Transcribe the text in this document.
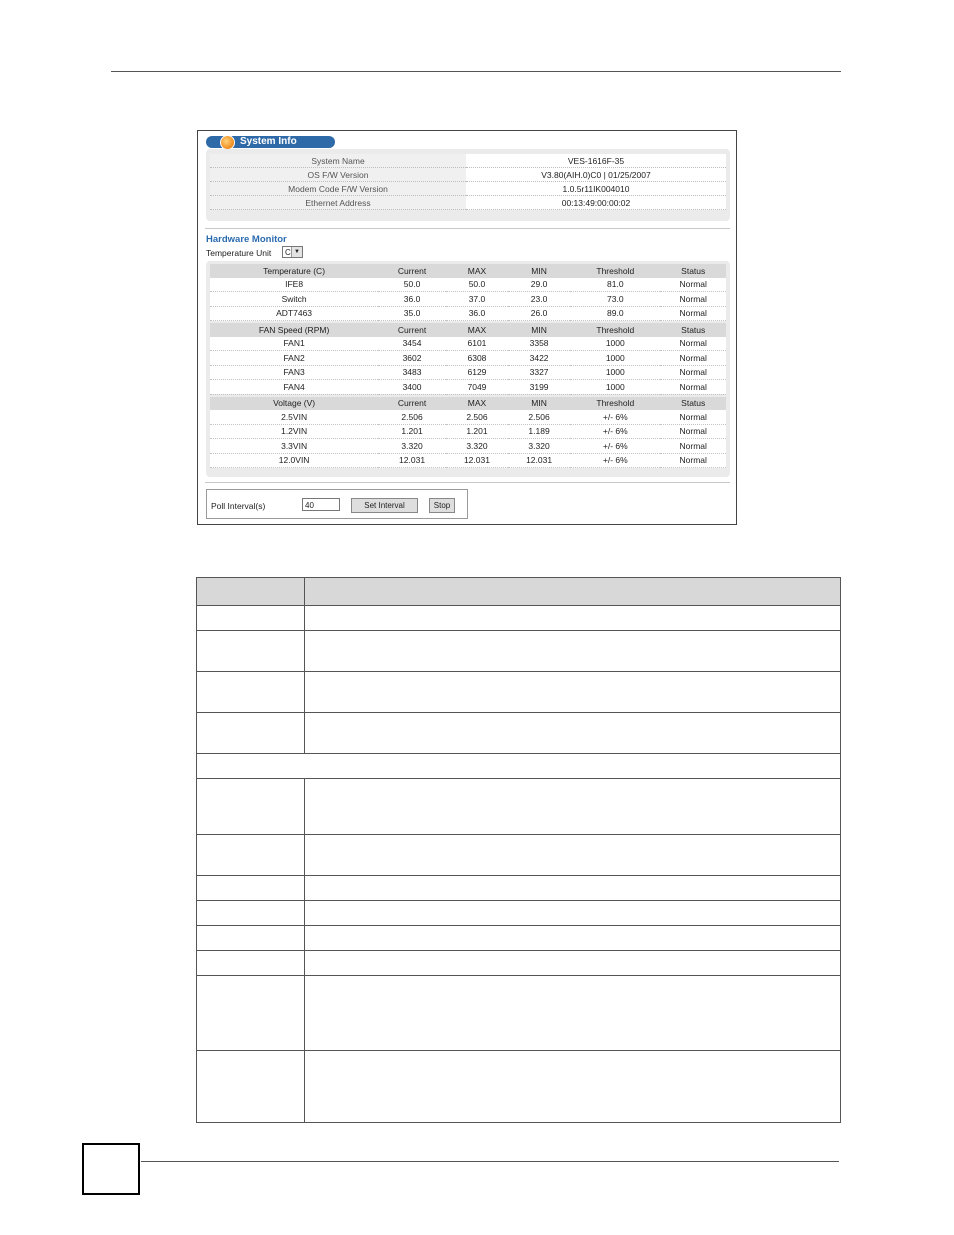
System Info
System Name	VES-1616F-35
OS F/W Version	V3.80(AIH.0)C0 | 01/25/2007
Modem Code F/W Version	1.0.5r11IK004010
Ethernet Address	00:13:49:00:00:02
Hardware Monitor
Temperature Unit	C ▼
Temperature (C)	Current	MAX	MIN	Threshold	Status
IFE8	50.0	50.0	29.0	81.0	Normal
Switch	36.0	37.0	23.0	73.0	Normal
ADT7463	35.0	36.0	26.0	89.0	Normal

FAN Speed (RPM)	Current	MAX	MIN	Threshold	Status
FAN1	3454	6101	3358	1000	Normal
FAN2	3602	6308	3422	1000	Normal
FAN3	3483	6129	3327	1000	Normal
FAN4	3400	7049	3199	1000	Normal

Voltage (V)	Current	MAX	MIN	Threshold	Status
2.5VIN	2.506	2.506	2.506	+/- 6%	Normal
1.2VIN	1.201	1.201	1.189	+/- 6%	Normal
3.3VIN	3.320	3.320	3.320	+/- 6%	Normal
12.0VIN	12.031	12.031	12.031	+/- 6%	Normal
Poll Interval(s)	40	Set Interval	Stop
